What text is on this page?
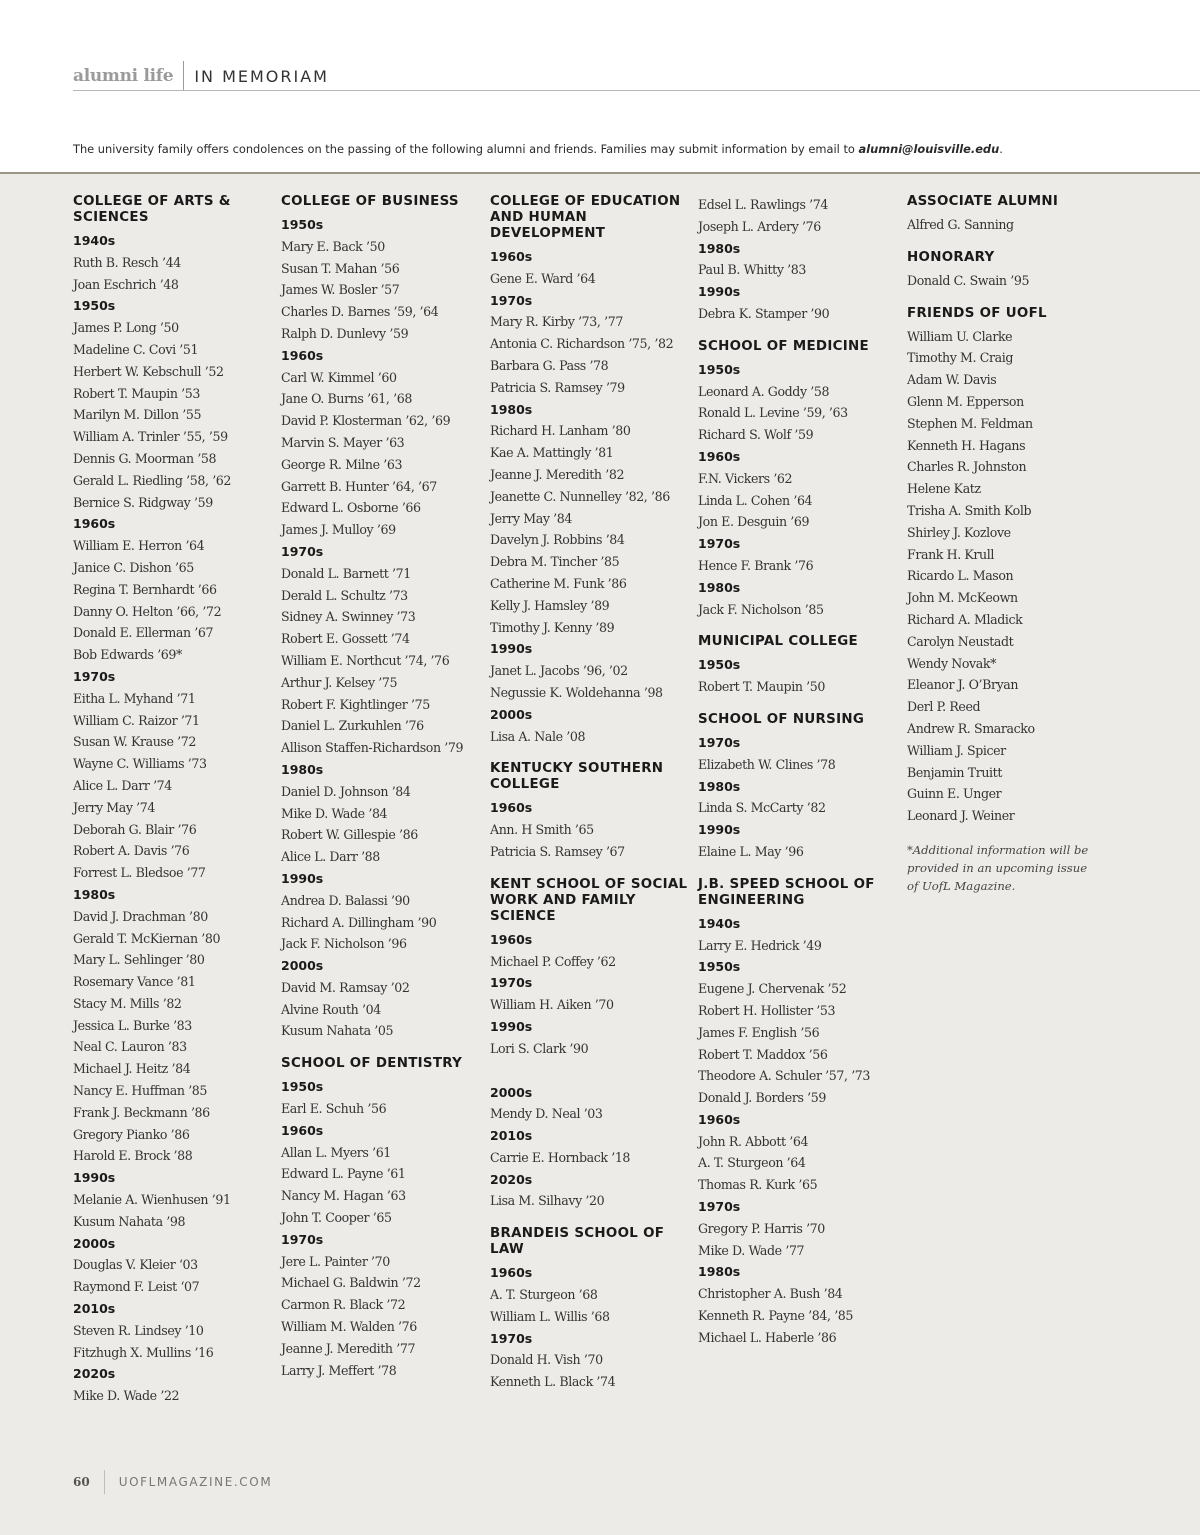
alumni life	IN MEMORIAM
The university family offers condolences on the passing of the following alumni and friends. Families may submit information by email to alumni@louisville.edu.
COLLEGE OF ARTS & SCIENCES
1940s
Ruth B. Resch ’44
Joan Eschrich ’48
1950s
James P. Long ’50
Madeline C. Covi ’51
Herbert W. Kebschull ’52
Robert T. Maupin ’53
Marilyn M. Dillon ’55
William A. Trinler ’55, ’59
Dennis G. Moorman ’58
Gerald L. Riedling ’58, ’62
Bernice S. Ridgway ’59
1960s
William E. Herron ’64
Janice C. Dishon ’65
Regina T. Bernhardt ’66
Danny O. Helton ’66, ’72
Donald E. Ellerman ’67
Bob Edwards ’69*
1970s
Eitha L. Myhand ’71
William C. Raizor ’71
Susan W. Krause ’72
Wayne C. Williams ’73
Alice L. Darr ’74
Jerry May ’74
Deborah G. Blair ’76
Robert A. Davis ’76
Forrest L. Bledsoe ’77
1980s
David J. Drachman ’80
Gerald T. McKiernan ’80
Mary L. Sehlinger ’80
Rosemary Vance ’81
Stacy M. Mills ’82
Jessica L. Burke ’83
Neal C. Lauron ’83
Michael J. Heitz ’84
Nancy E. Huffman ’85
Frank J. Beckmann ’86
Gregory Pianko ’86
Harold E. Brock ’88
1990s
Melanie A. Wienhusen ’91
Kusum Nahata ’98
2000s
Douglas V. Kleier ‘03
Raymond F. Leist ‘07
2010s
Steven R. Lindsey ’10
Fitzhugh X. Mullins ’16
2020s
Mike D. Wade ’22
COLLEGE OF BUSINESS
1950s
Mary E. Back ’50
Susan T. Mahan ’56
James W. Bosler ’57
Charles D. Barnes ’59, ’64
Ralph D. Dunlevy ’59
1960s
Carl W. Kimmel ’60
Jane O. Burns ’61, ’68
David P. Klosterman ’62, ’69
Marvin S. Mayer ’63
George R. Milne ’63
Garrett B. Hunter ’64, ’67
Edward L. Osborne ’66
James J. Mulloy ’69
1970s
Donald L. Barnett ’71
Derald L. Schultz ’73
Sidney A. Swinney ’73
Robert E. Gossett ’74
William E. Northcut ’74, ’76
Arthur J. Kelsey ’75
Robert F. Kightlinger ’75
Daniel L. Zurkuhlen ’76
Allison Staffen-Richardson ’79
1980s
Daniel D. Johnson ’84
Mike D. Wade ’84
Robert W. Gillespie ’86
Alice L. Darr ’88
1990s
Andrea D. Balassi ’90
Richard A. Dillingham ’90
Jack F. Nicholson ’96
2000s
David M. Ramsay ’02
Alvine Routh ’04
Kusum Nahata ’05
SCHOOL OF DENTISTRY
1950s
Earl E. Schuh ’56
1960s
Allan L. Myers ’61
Edward L. Payne ’61
Nancy M. Hagan ’63
John T. Cooper ’65
1970s
Jere L. Painter ’70
Michael G. Baldwin ’72
Carmon R. Black ’72
William M. Walden ’76
Jeanne J. Meredith ’77
Larry J. Meffert ’78
COLLEGE OF EDUCATION AND HUMAN DEVELOPMENT
1960s
Gene E. Ward ’64
1970s
Mary R. Kirby ’73, ’77
Antonia C. Richardson ’75, ’82
Barbara G. Pass ’78
Patricia S. Ramsey ’79
1980s
Richard H. Lanham ’80
Kae A. Mattingly ’81
Jeanne J. Meredith ’82
Jeanette C. Nunnelley ’82, ’86
Jerry May ’84
Davelyn J. Robbins ’84
Debra M. Tincher ’85
Catherine M. Funk ’86
Kelly J. Hamsley ’89
Timothy J. Kenny ’89
1990s
Janet L. Jacobs ’96, ’02
Negussie K. Woldehanna ’98
2000s
Lisa A. Nale ’08
KENTUCKY SOUTHERN COLLEGE
1960s
Ann. H Smith ’65
Patricia S. Ramsey ’67
KENT SCHOOL OF SOCIAL WORK AND FAMILY SCIENCE
1960s
Michael P. Coffey ’62
1970s
William H. Aiken ’70
1990s
Lori S. Clark ’90
2000s
Mendy D. Neal ’03
2010s
Carrie E. Hornback ’18
2020s
Lisa M. Silhavy ’20
BRANDEIS SCHOOL OF LAW
1960s
A. T. Sturgeon ’68
William L. Willis ’68
1970s
Donald H. Vish ’70
Kenneth L. Black ’74
Edsel L. Rawlings ’74
Joseph L. Ardery ’76
1980s
Paul B. Whitty ’83
1990s
Debra K. Stamper ’90
SCHOOL OF MEDICINE
1950s
Leonard A. Goddy ’58
Ronald L. Levine ’59, ’63
Richard S. Wolf ’59
1960s
F.N. Vickers ’62
Linda L. Cohen ’64
Jon E. Desguin ’69
1970s
Hence F. Brank ’76
1980s
Jack F. Nicholson ’85
MUNICIPAL COLLEGE
1950s
Robert T. Maupin ’50
SCHOOL OF NURSING
1970s
Elizabeth W. Clines ’78
1980s
Linda S. McCarty ’82
1990s
Elaine L. May ’96
J.B. SPEED SCHOOL OF ENGINEERING
1940s
Larry E. Hedrick ’49
1950s
Eugene J. Chervenak ’52
Robert H. Hollister ’53
James F. English ’56
Robert T. Maddox ’56
Theodore A. Schuler ’57, ’73
Donald J. Borders ’59
1960s
John R. Abbott ’64
A. T. Sturgeon ’64
Thomas R. Kurk ’65
1970s
Gregory P. Harris ’70
Mike D. Wade ’77
1980s
Christopher A. Bush ’84
Kenneth R. Payne ’84, ’85
Michael L. Haberle ’86
ASSOCIATE ALUMNI
Alfred G. Sanning
HONORARY
Donald C. Swain ’95
FRIENDS OF UOFL
William U. Clarke
Timothy M. Craig
Adam W. Davis
Glenn M. Epperson
Stephen M. Feldman
Kenneth H. Hagans
Charles R. Johnston
Helene Katz
Trisha A. Smith Kolb
Shirley J. Kozlove
Frank H. Krull
Ricardo L. Mason
John M. McKeown
Richard A. Mladick
Carolyn Neustadt
Wendy Novak*
Eleanor J. O’Bryan
Derl P. Reed
Andrew R. Smaracko
William J. Spicer
Benjamin Truitt
Guinn E. Unger
Leonard J. Weiner
*Additional information will be
provided in an upcoming issue
of UofL Magazine.
60	UOFLMAGAZINE.COM
